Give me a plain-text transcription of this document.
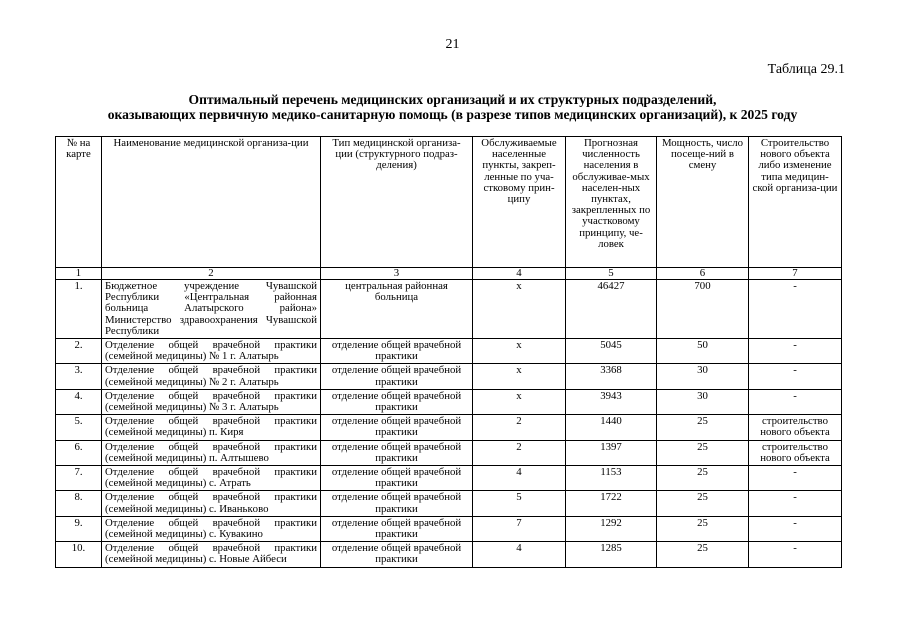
21
Таблица 29.1
Оптимальный перечень медицинских организаций и их структурных подразделений,
оказывающих первичную медико-санитарную помощь (в разрезе типов медицинских организаций), к 2025 году
№ на карте	Наименование медицинской организа-ции	Тип медицинской организа-ции (структурного подраз-деления)	Обслуживаемые населенные пункты, закреп-ленные по уча-стковому прин-ципу	Прогнозная численность населения в обслуживае-мых населен-ных пунктах, закрепленных по участковому принципу, че-ловек	Мощность, число посеще-ний в смену	Строительство нового объекта либо изменение типа медицин-ской организа-ции
1	2	3	4	5	6	7
1.	Бюджетное учреждение Чувашской Республики «Центральная районная больница Алатырского района» Министерство здравоохранения Чувашской Республики	центральная районная больница	х	46427	700	-
2.	Отделение общей врачебной практики (семейной медицины) № 1 г. Алатырь	отделение общей врачебной практики	х	5045	50	-
3.	Отделение общей врачебной практики (семейной медицины) № 2 г. Алатырь	отделение общей врачебной практики	х	3368	30	-
4.	Отделение общей врачебной практики (семейной медицины) № 3 г. Алатырь	отделение общей врачебной практики	х	3943	30	-
5.	Отделение общей врачебной практики (семейной медицины) п. Киря	отделение общей врачебной практики	2	1440	25	строительство нового объекта
6.	Отделение общей врачебной практики (семейной медицины) п. Алтышево	отделение общей врачебной практики	2	1397	25	строительство нового объекта
7.	Отделение общей врачебной практики (семейной медицины) с. Атрать	отделение общей врачебной практики	4	1153	25	-
8.	Отделение общей врачебной практики (семейной медицины) с. Иванькoво	отделение общей врачебной практики	5	1722	25	-
9.	Отделение общей врачебной практики (семейной медицины) с. Кувакино	отделение общей врачебной практики	7	1292	25	-
10.	Отделение общей врачебной практики (семейной медицины) с. Новые Айбеси	отделение общей врачебной практики	4	1285	25	-
